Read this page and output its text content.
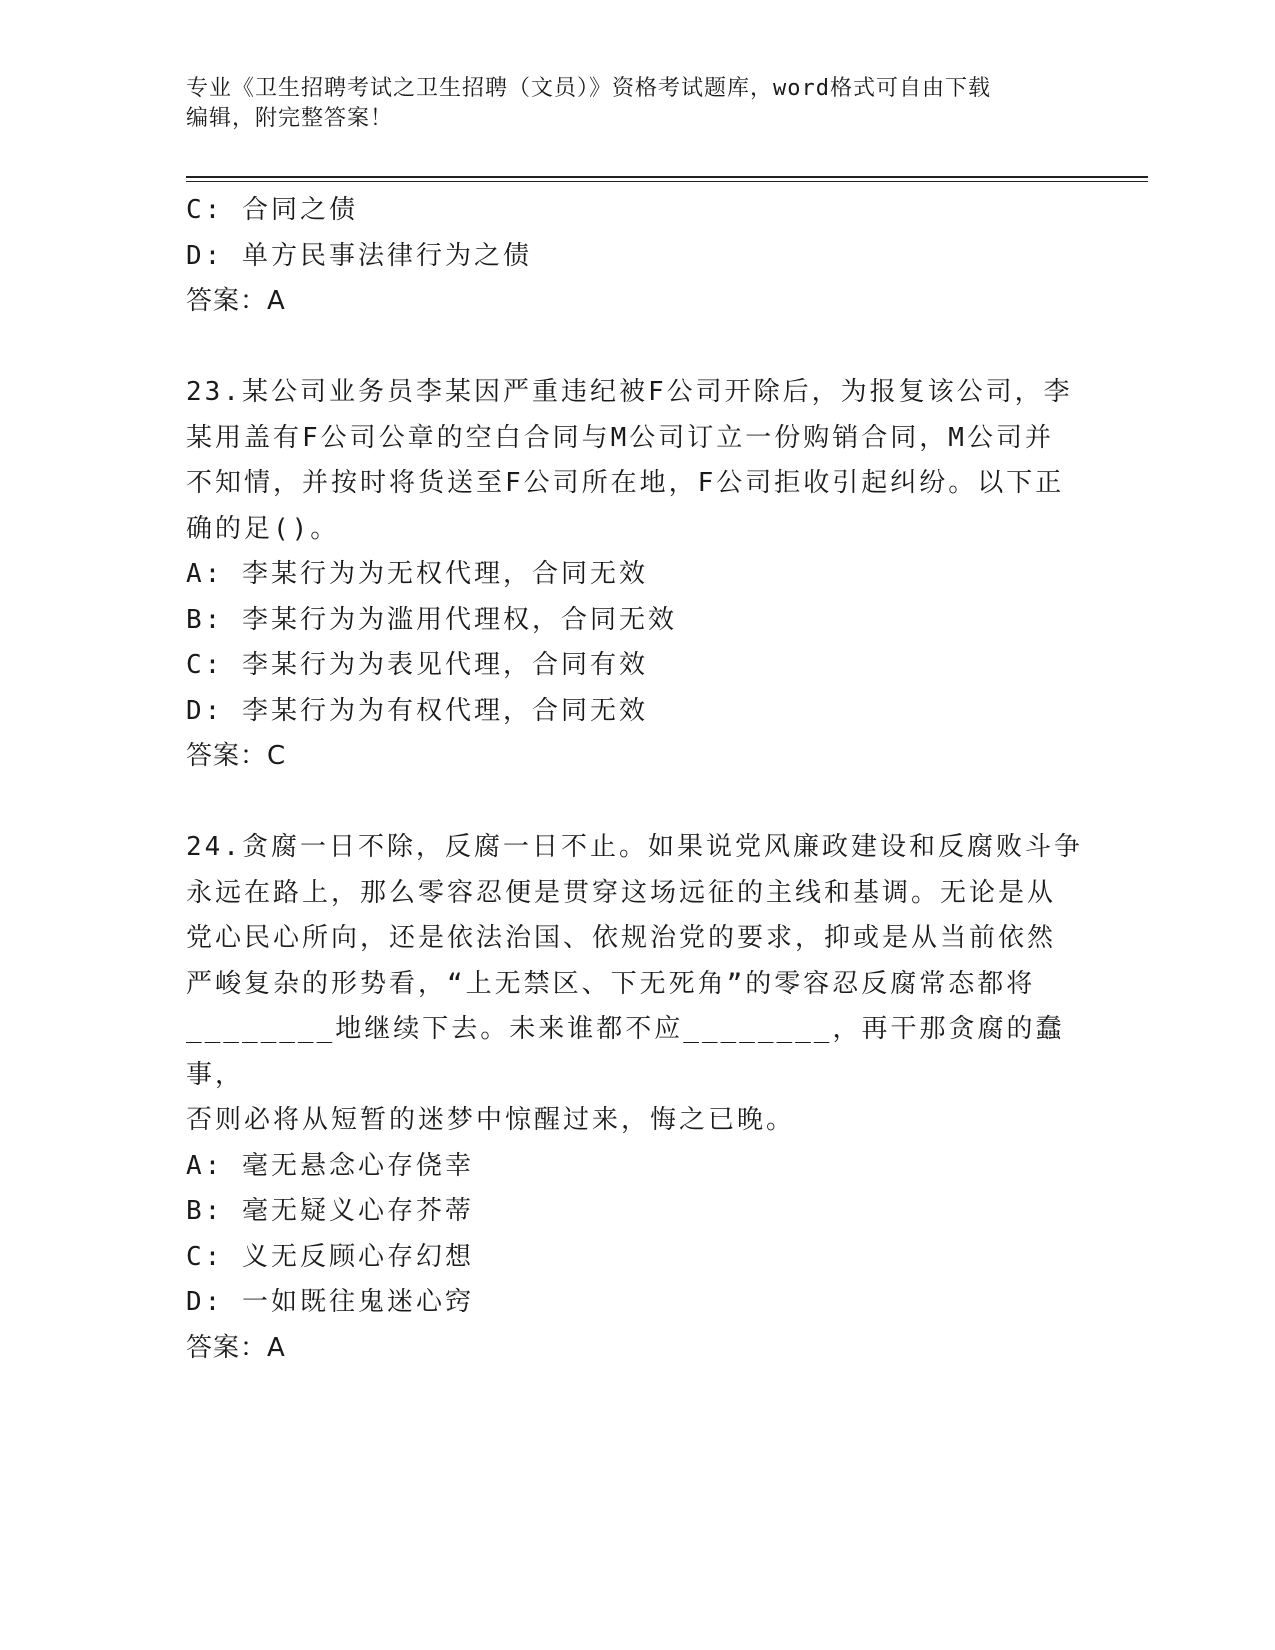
专业《卫生招聘考试之卫生招聘（文员）》资格考试题库，word格式可自由下载
编辑，附完整答案！
C: 合同之债
D: 单方民事法律行为之债
答案：A
23.某公司业务员李某因严重违纪被F公司开除后，为报复该公司，李
某用盖有F公司公章的空白合同与M公司订立一份购销合同，M公司并
不知情，并按时将货送至F公司所在地，F公司拒收引起纠纷。以下正
确的足()。
A: 李某行为为无权代理，合同无效
B: 李某行为为滥用代理权，合同无效
C: 李某行为为表见代理，合同有效
D: 李某行为为有权代理，合同无效
答案：C
24.贪腐一日不除，反腐一日不止。如果说党风廉政建设和反腐败斗争
永远在路上，那么零容忍便是贯穿这场远征的主线和基调。无论是从
党心民心所向，还是依法治国、依规治党的要求，抑或是从当前依然
严峻复杂的形势看，“上无禁区、下无死角”的零容忍反腐常态都将
________地继续下去。未来谁都不应________，再干那贪腐的蠢事，
否则必将从短暂的迷梦中惊醒过来，悔之已晚。
A: 毫无悬念心存侥幸
B: 毫无疑义心存芥蒂
C: 义无反顾心存幻想
D: 一如既往鬼迷心窍
答案：A
